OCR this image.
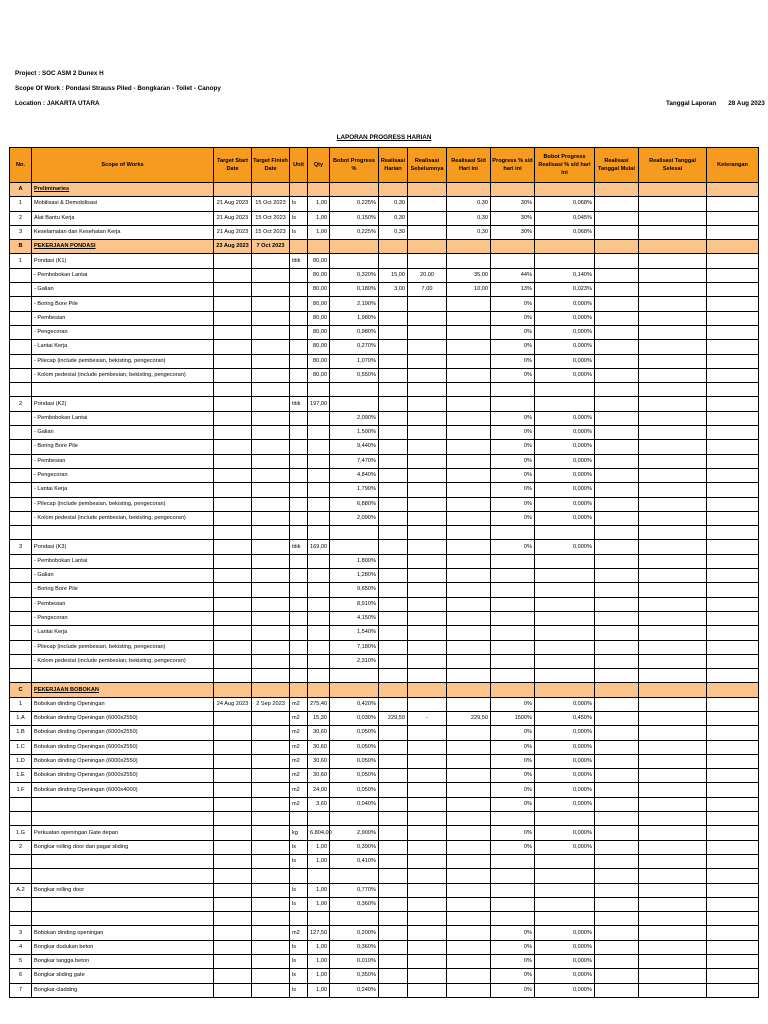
Project : SOC ASM 2 Dunex H
Scope Of Work : Pondasi Strauss Piled - Bongkaran - Toilet - Canopy
Location : JAKARTA UTARA	Tanggal Laporan 28 Aug 2023
LAPORAN PROGRESS HARIAN
No.	Scope of Works	Target Start Date	Target Finish Date	Unit	Qty	Bobot Progress %	Realisasi Harian	Realisasi Sebelumnya	Realisasi S/d Hari ini	Progress % s/d hari ini	Bobot Progress Realisasi % s/d hari ini	Realisasi Tanggal Mulai	Realisasi Tanggal Selesai	Keterangan
A	Preliminaries													
1	Mobilisasi & Demobilisasi	21 Aug 2023	15 Oct 2023	ls	1,00	0,225%	0,30		0,30	30%	0,068%			
2	Alat Bantu Kerja	21 Aug 2023	15 Oct 2023	ls	1,00	0,150%	0,30		0,30	30%	0,045%			
3	Keselamatan dan Kesehatan Kerja	21 Aug 2023	15 Oct 2023	ls	1,00	0,225%	0,30		0,30	30%	0,068%			
B	PEKERJAAN PONDASI	23 Aug 2023	7 Oct 2023											
1	Pondasi (K1)			titik	80,00									
	- Pembobokan Lantai				80,00	0,320%	15,00	20,00	35,00	44%	0,140%			
	- Galian				80,00	0,180%	3,00	7,00	10,00	13%	0,023%			
	- Boring Bore Pile				80,00	2,190%				0%	0,000%			
	- Pembesian				80,00	1,980%				0%	0,000%			
	- Pengecoran				80,00	0,980%				0%	0,000%			
	- Lantai Kerja				80,00	0,270%				0%	0,000%			
	- Pilecap (include pembesian, bekisting, pengecoran)				80,00	1,070%				0%	0,000%			
	- Kolom pedestal (include pembesian, bekisting, pengecoran)				80,00	0,550%				0%	0,000%			

2	Pondasi (K2)			titik	197,00									
	- Pembobokan Lantai					2,090%				0%	0,000%			
	- Galian					1,500%				0%	0,000%			
	- Boring Bore Pile					9,440%				0%	0,000%			
	- Pembesian					7,470%				0%	0,000%			
	- Pengecoran					4,840%				0%	0,000%			
	- Lantai Kerja					1,790%				0%	0,000%			
	- Pilecap (include pembesian, bekisting, pengecoran)					6,880%				0%	0,000%			
	- Kolom pedestal (include pembesian, bekisting, pengecoran)					2,090%				0%	0,000%			

3	Pondasi (K3)			titik	169,00					0%	0,000%			
	- Pembobokan Lantai					1,800%								
	- Galian					1,280%								
	- Boring Bore Pile					9,650%								
	- Pembesian					8,910%								
	- Pengecoran					4,150%								
	- Lantai Kerja					1,540%								
	- Pilecap (include pembesian, bekisting, pengecoran)					7,180%								
	- Kolom pedestal (include pembesian, bekisting, pengecoran)					2,310%								

C	PEKERJAAN BOBOKAN													
1	Bobokan dinding Openingan	24 Aug 2023	2 Sep 2023	m2	275,40	0,420%				0%	0,000%			
1.A	Bobokan dinding Openingan (6000x2550)			m2	15,30	0,030%	229,50	-	229,50	1500%	0,450%			
1.B	Bobokan dinding Openingan (6000x2550)			m2	30,60	0,050%				0%	0,000%			
1.C	Bobokan dinding Openingan (6000x2550)			m2	30,60	0,050%				0%	0,000%			
1.D	Bobokan dinding Openingan (6000x2550)			m2	30,60	0,050%				0%	0,000%			
1.E	Bobokan dinding Openingan (6000x2550)			m2	30,60	0,050%				0%	0,000%			
1.F	Bobokan dinding Openingan (6000x4000)			m2	24,00	0,050%				0%	0,000%			
				m2	3,60	0,040%				0%	0,000%			

1.G	Perkuatan openingan Gate depan			kg	6.804,00	2,900%				0%	0,000%			
2	Bongkar rolling door dan pagar sliding			ls	1,00	0,390%				0%	0,000%			
				ls	1,00	0,410%								

A.2	Bongkar rolling door			ls	1,00	0,770%								
				ls	1,00	0,360%								

3	Bobokan dinding openingan			m2	127,50	0,200%				0%	0,000%			
4	Bongkar dudukan beton			ls	1,00	0,360%				0%	0,000%			
5	Bongkar tangga beton			ls	1,00	0,010%				0%	0,000%			
6	Bongkar sliding gate			ls	1,00	0,350%				0%	0,000%			
7	Bongkar cladding			ls	1,00	0,240%				0%	0,000%			
